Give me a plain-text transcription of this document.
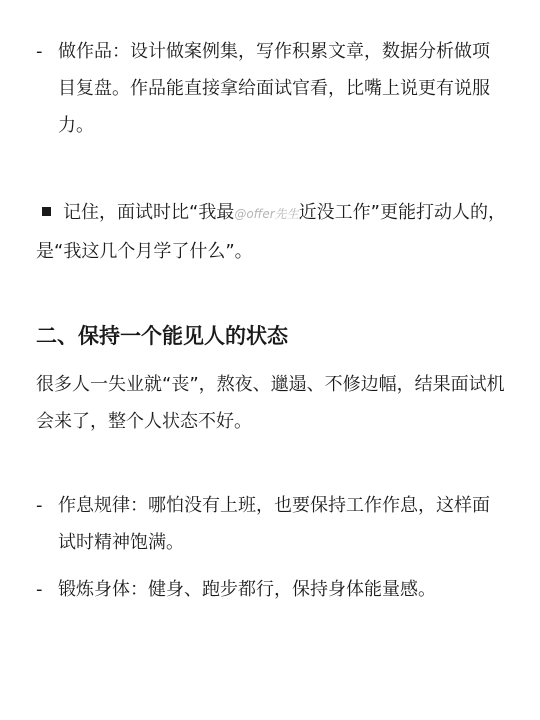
- 做作品：设计做案例集，写作积累文章，数据分析做项目复盘。作品能直接拿给面试官看，比嘴上说更有说服力。
记住，面试时比“我最@offer先生近没工作”更能打动人的，是“我这几个月学了什么”。
二、保持一个能见人的状态
很多人一失业就“丧”，熬夜、邋遢、不修边幅，结果面试机会来了，整个人状态不好。
- 作息规律：哪怕没有上班，也要保持工作作息，这样面试时精神饱满。
- 锻炼身体：健身、跑步都行，保持身体能量感。
